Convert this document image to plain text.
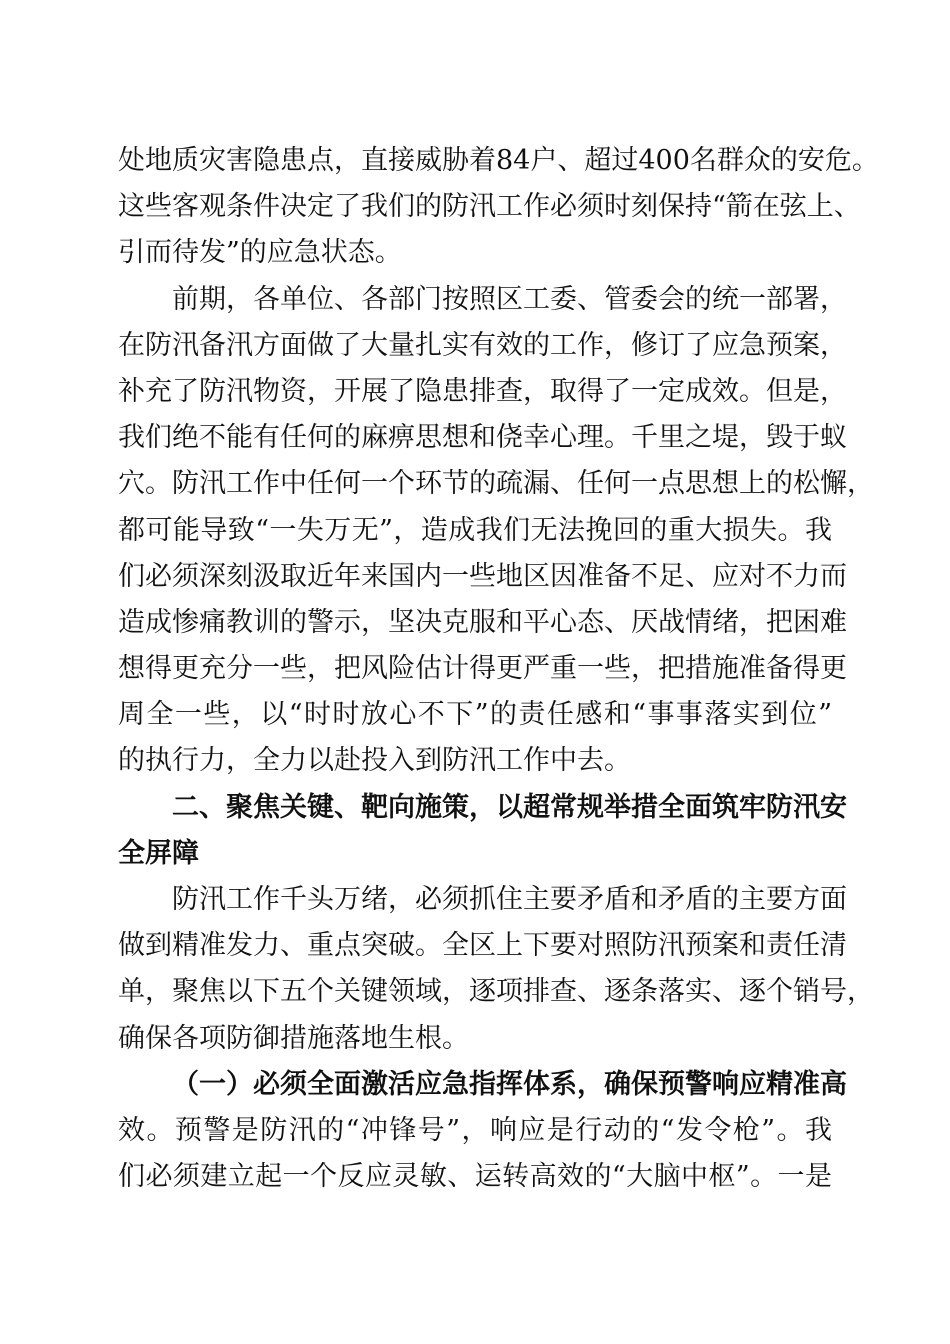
处地质灾害隐患点，直接威胁着84户、超过400名群众的安危。
这些客观条件决定了我们的防汛工作必须时刻保持“箭在弦上、
引而待发”的应急状态。
前期，各单位、各部门按照区工委、管委会的统一部署，
在防汛备汛方面做了大量扎实有效的工作，修订了应急预案，
补充了防汛物资，开展了隐患排查，取得了一定成效。但是，
我们绝不能有任何的麻痹思想和侥幸心理。千里之堤，毁于蚁
穴。防汛工作中任何一个环节的疏漏、任何一点思想上的松懈，
都可能导致“一失万无”，造成我们无法挽回的重大损失。我
们必须深刻汲取近年来国内一些地区因准备不足、应对不力而
造成惨痛教训的警示，坚决克服和平心态、厌战情绪，把困难
想得更充分一些，把风险估计得更严重一些，把措施准备得更
周全一些，以“时时放心不下”的责任感和“事事落实到位”
的执行力，全力以赴投入到防汛工作中去。
二、聚焦关键、靶向施策，以超常规举措全面筑牢防汛安
全屏障
防汛工作千头万绪，必须抓住主要矛盾和矛盾的主要方面
做到精准发力、重点突破。全区上下要对照防汛预案和责任清
单，聚焦以下五个关键领域，逐项排查、逐条落实、逐个销号，
确保各项防御措施落地生根。
（一）必须全面激活应急指挥体系，确保预警响应精准高
效。预警是防汛的“冲锋号”，响应是行动的“发令枪”。我
们必须建立起一个反应灵敏、运转高效的“大脑中枢”。一是
